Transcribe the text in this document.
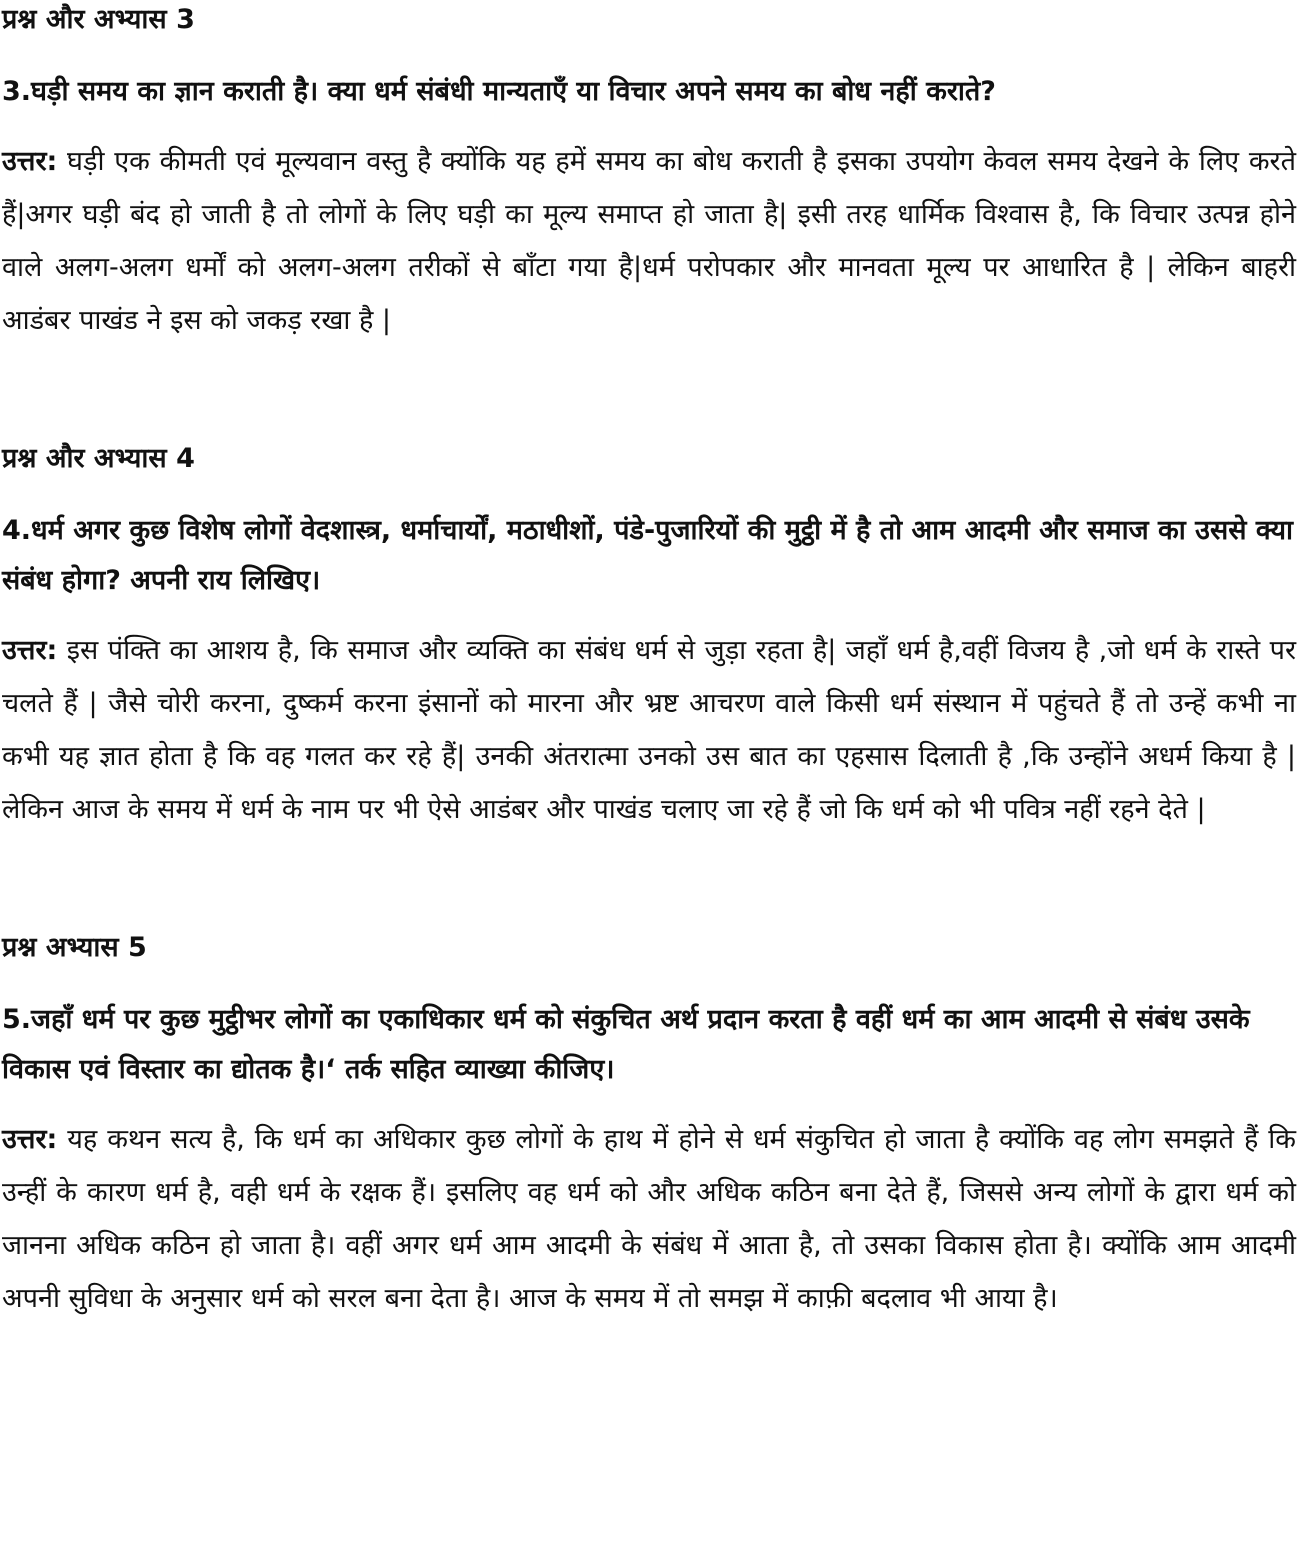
प्रश्न और अभ्यास 3
3.घड़ी समय का ज्ञान कराती है। क्या धर्म संबंधी मान्यताएँ या विचार अपने समय का बोध नहीं कराते?
उत्तर: घड़ी एक कीमती एवं मूल्यवान वस्तु है क्योंकि यह हमें समय का बोध कराती है इसका उपयोग केवल समय देखने के लिए करते हैं|अगर घड़ी बंद हो जाती है तो लोगों के लिए घड़ी का मूल्य समाप्त हो जाता है| इसी तरह धार्मिक विश्वास है, कि विचार उत्पन्न होने वाले अलग-अलग धर्मों को अलग-अलग तरीकों से बाँटा गया है|धर्म परोपकार और मानवता मूल्य पर आधारित है | लेकिन बाहरी आडंबर पाखंड ने इस को जकड़ रखा है |
प्रश्न और अभ्यास 4
4.धर्म अगर कुछ विशेष लोगों वेदशास्त्र, धर्माचार्यों, मठाधीशों, पंडे-पुजारियों की मुट्ठी में है तो आम आदमी और समाज का उससे क्या संबंध होगा? अपनी राय लिखिए।
उत्तर: इस पंक्ति का आशय है, कि समाज और व्यक्ति का संबंध धर्म से जुड़ा रहता है| जहाँ धर्म है,वहीं विजय है ,जो धर्म के रास्ते पर चलते हैं | जैसे चोरी करना, दुष्कर्म करना इंसानों को मारना और भ्रष्ट आचरण वाले किसी धर्म संस्थान में पहुंचते हैं तो उन्हें कभी ना कभी यह ज्ञात होता है कि वह गलत कर रहे हैं| उनकी अंतरात्मा उनको उस बात का एहसास दिलाती है ,कि उन्होंने अधर्म किया है | लेकिन आज के समय में धर्म के नाम पर भी ऐसे आडंबर और पाखंड चलाए जा रहे हैं जो कि धर्म को भी पवित्र नहीं रहने देते |
प्रश्न अभ्यास 5
5.जहाँ धर्म पर कुछ मुट्ठीभर लोगों का एकाधिकार धर्म को संकुचित अर्थ प्रदान करता है वहीं धर्म का आम आदमी से संबंध उसके विकास एवं विस्तार का द्योतक है।‘ तर्क सहित व्याख्या कीजिए।
उत्तर: यह कथन सत्य है, कि धर्म का अधिकार कुछ लोगों के हाथ में होने से धर्म संकुचित हो जाता है क्योंकि वह लोग समझते हैं कि उन्हीं के कारण धर्म है, वही धर्म के रक्षक हैं। इसलिए वह धर्म को और अधिक कठिन बना देते हैं, जिससे अन्य लोगों के द्वारा धर्म को जानना अधिक कठिन हो जाता है। वहीं अगर धर्म आम आदमी के संबंध में आता है, तो उसका विकास होता है। क्योंकि आम आदमी अपनी सुविधा के अनुसार धर्म को सरल बना देता है। आज के समय में तो समझ में काफ़ी बदलाव भी आया है।
